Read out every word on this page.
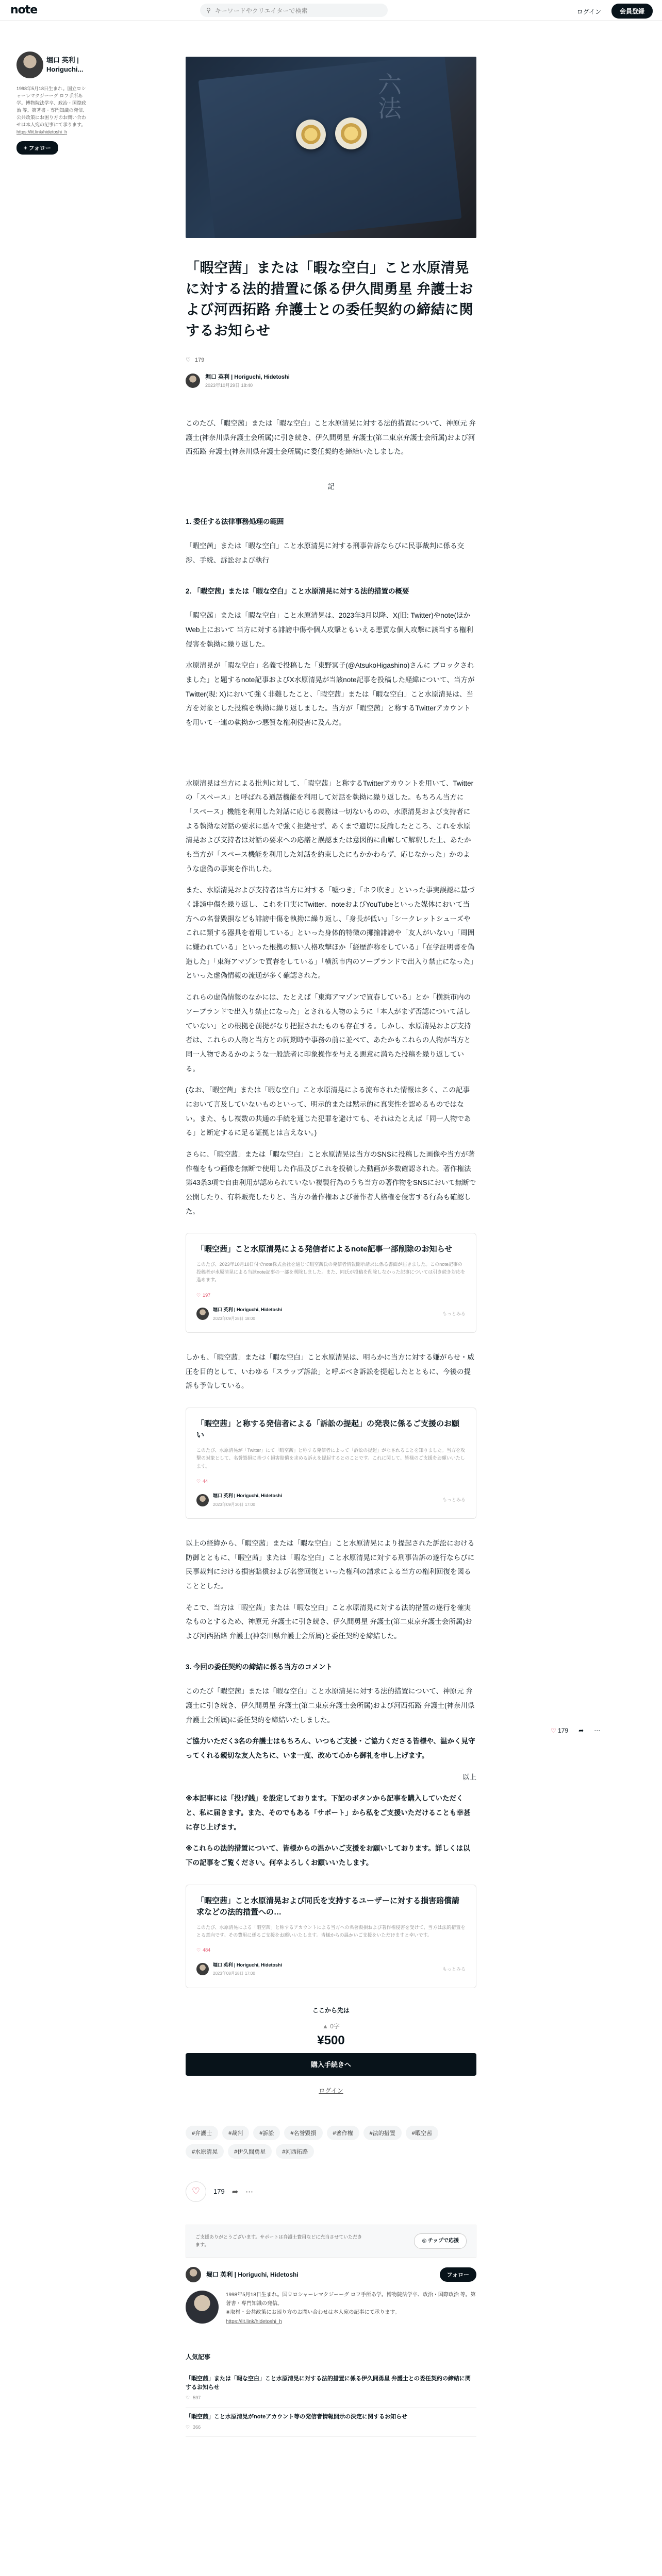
note	⚲ キーワードやクリエイターで検索	ログイン	会員登録
堀口 英利 | Horiguchi...
1998年5月18日生まれ。国立ロシャーレマクジーーグ ロフ手所あ学。博物院法学卒、政治・国際政治 等。第著書・専門知識の発信、公共政策にお困り方のお問い合わせは本人宛の記事にて承ります。
https://lit.link/hidetoshi_h
+ フォロー
六法
「暇空茜」または「暇な空白」こと水原清晃に対する法的措置に係る伊久間勇星 弁護士および河西拓路 弁護士との委任契約の締結に関するお知らせ
♡ 179
堀口 英利 | Horiguchi, Hidetoshi
2023年10月29日 18:40

このたび、「暇空茜」または「暇な空白」こと水原清晃に対する法的措置について、神原元 弁護士(神奈川県弁護士会所属)に引き続き、伊久間勇星 弁護士(第二東京弁護士会所属)および河西拓路 弁護士(神奈川県弁護士会所属)に委任契約を締結いたしました。

記

1. 委任する法律事務処理の範囲

「暇空茜」または「暇な空白」こと水原清晃に対する刑事告訴ならびに民事裁判に係る交渉、手続、訴訟および執行

2. 「暇空茜」または「暇な空白」こと水原清晃に対する法的措置の概要

「暇空茜」または「暇な空白」こと水原清晃は、2023年3月以降、X(旧: Twitter)やnote(ほかWeb上において 当方に対する誹謗中傷や個人攻撃ともいえる悪質な個人攻撃に該当する権利侵害を執拗に繰り返した。

水原清晃が「暇な空白」名義で投稿した「東野冥子(@AtsukoHigashino)さんに ブロックされました」と題するnote記事およびX水原清晃が当該note記事を投稿した経緯について、当方がTwitter(現: X)において強く非難したこと、「暇空茜」または「暇な空白」こと水原清晃は、当方を対象とした投稿を執拗に繰り返しました。当方が「暇空茜」と称するTwitterアカウントを用いて一連の執拗かつ悪質な権利侵害に及んだ。

水原清晃は当方による批判に対して、「暇空茜」と称するTwitterアカウントを用いて、Twitterの「スペース」と呼ばれる通話機能を利用して対話を執拗に繰り返した。もちろん当方に「スペース」機能を利用した対話に応じる義務は一切ないものの、水原清晃および支持者による執拗な対話の要求に悪々で強く拒絶せず、あくまで適切に反論したところ、これを水原清晃および支持者は対話の要求への応諾と誤認または意図的に曲解して解釈した上、あたかも当方が「スペース機能を利用した対話を約束したにもかかわらず、応じなかった」かのような虚偽の事実を作出した。

また、水原清晃および支持者は当方に対する「嘘つき」「ホラ吹き」といった事実誤認に基づく誹謗中傷を繰り返し、これを口実にTwitter、noteおよびYouTubeといった媒体において当方への名誉毀損なども誹謗中傷を執拗に繰り返し、「身長が低い」「シークレットシューズやこれに類する器具を着用している」といった身体的特徴の揶揄誹謗や「友人がいない」「周囲に嫌われている」といった根拠の無い人格攻撃ほか「経歴詐称をしている」「在学証明書を偽造した」「東海アマゾンで買春をしている」「横浜市内のソープランドで出入り禁止になった」といった虚偽情報の流通が多く確認された。

これらの虚偽情報のなかには、たとえば「東海アマゾンで買春している」とか「横浜市内のソープランドで出入り禁止になった」とされる人物のように「本人がまず否認について話していない」との根拠を前提がなり把握されたものも存在する。しかし、水原清晃および支持者は、これらの人物と当方との同期時や事務の前に並べて、あたかもこれらの人物が当方と同一人物であるかのような一般読者に印象操作を与える悪意に満ちた投稿を繰り返している。

(なお、「暇空茜」または「暇な空白」こと水原清晃による流布された情報は多く、この記事において言及していないものといって、明示的または黙示的に真実性を認めるものではない。また、もし複数の共通の手続を通じた犯罪を避けても、それはたとえば「同一人物である」と断定するに足る証拠とは言えない。)

さらに、「暇空茜」または「暇な空白」こと水原清晃は当方のSNSに投稿した画像や当方が著作権をもつ画像を無断で使用した作品及びこれを投稿した動画が多数確認された。著作権法第43条3項で自由利用が認められていない複製行為のうち当方の著作物をSNSにおいて無断で公開したり、有料販売したりと、当方の著作権および著作者人格権を侵害する行為も確認した。

「暇空茜」こと水原清晃による発信者によるnote記事一部削除のお知らせ
このたび、2023年10月10日付でnote株式会社を通じて暇空茜氏の発信者情報開示請求に係る書面が届きました。このnote記事の投稿者が水原清晃による当該note記事の一部を削除しました。また、同氏が投稿を削除しなかった記事については引き続き対応を進めます。
♡ 197
堀口 英利 | Horiguchi, Hidetoshi
2023年09月28日 18:00
もっとみる

しかも、「暇空茜」または「暇な空白」こと水原清晃は、明らかに当方に対する嫌がらせ・威圧を目的として、いわゆる「スラップ訴訟」と呼ぶべき訴訟を提起したとともに、今後の提訴も予告している。

「暇空茜」と称する発信者による「訴訟の提起」の発表に係るご支援のお願い
このたび、水原清晃が「Twitter」にて「暇空茜」と称する発信者によって「訴訟の提起」がなされることを知りました。当方を攻撃の対象として、名誉毀損に基づく損害賠償を求める訴えを提起するとのことです。これに関して、皆様のご支援をお願いいたします。
♡ 44
堀口 英利 | Horiguchi, Hidetoshi
2023年09月30日 17:00
もっとみる

以上の経緯から、「暇空茜」または「暇な空白」こと水原清晃により提起された訴訟における防御とともに、「暇空茜」または「暇な空白」こと水原清晃に対する刑事告訴の遂行ならびに民事裁判における損害賠償および名誉回復といった権利の請求による当方の権利回復を図ることとした。

そこで、当方は「暇空茜」または「暇な空白」こと水原清晃に対する法的措置の遂行を確実なものとするため、神原元 弁護士に引き続き、伊久間勇星 弁護士(第二東京弁護士会所属)および河西拓路 弁護士(神奈川県弁護士会所属)と委任契約を締結した。

3. 今回の委任契約の締結に係る当方のコメント

このたび「暇空茜」または「暇な空白」こと水原清晃に対する法的措置について、神原元 弁護士に引き続き、伊久間勇星 弁護士(第二東京弁護士会所属)および河西拓路 弁護士(神奈川県弁護士会所属)に委任契約を締結いたしました。

ご協力いただく3名の弁護士はもちろん、いつもご支援・ご協力くださる皆様や、温かく見守ってくれる親切な友人たちに、いま一度、改めて心から御礼を申し上げます。

以上

※本記事には「投げ銭」を設定しております。下記のボタンから記事を購入していただくと、私に届きます。また、そのでもある「サポート」から私をご支援いただけることも幸甚に存じ上げます。

※これらの法的措置について、皆様からの温かいご支援をお願いしております。詳しくは以下の記事をご覧ください。何卒よろしくお願いいたします。

「暇空茜」こと水原清晃および同氏を支持するユーザーに対する損害賠償請求などの法的措置への…
このたび、水原清晃による「暇空茜」と称するアカウントによる当方への名誉毀損および著作権侵害を受けて、当方は法的措置をとる意向です。その費用に係るご支援をお願いいたします。皆様からの温かいご支援をいただけますと幸いです。
♡ 484
堀口 英利 | Horiguchi, Hidetoshi
2023年08月28日 17:00
もっとみる
ここから先は
▲ 0字
¥500
購入手続きへ
ログイン
#弁護士	#裁判	#訴訟	#名誉毀損	#著作権	#法的措置	#暇空茜
#水原清晃	#伊久間勇星	#河西拓路
♡ 179 ➦ ⋯
ご支援ありがとうございます。サポートは弁護士費用などに充当させていただきます。
◎ チップで応援
堀口 英利 | Horiguchi, Hidetoshi	フォロー
1998年5月18日生まれ。国立ロシャーレマクジーーグ ロフ手所あ学。博物院法学卒、政治・国際政治 等。第著書・専門知識の発信。
※取材・公共政策にお困り方のお問い合わせは本人宛の記事にて承ります。
https://lit.link/hidetoshi_h
人気記事
「暇空茜」または「暇な空白」こと水原清晃に対する法的措置に係る伊久間勇星 弁護士との委任契約の締結に関するお知らせ
♡ 597
「暇空茜」こと水原清晃がnoteアカウント等の発信者情報開示の決定に関するお知らせ
♡ 366
♡ 179 ➦ ⋯
